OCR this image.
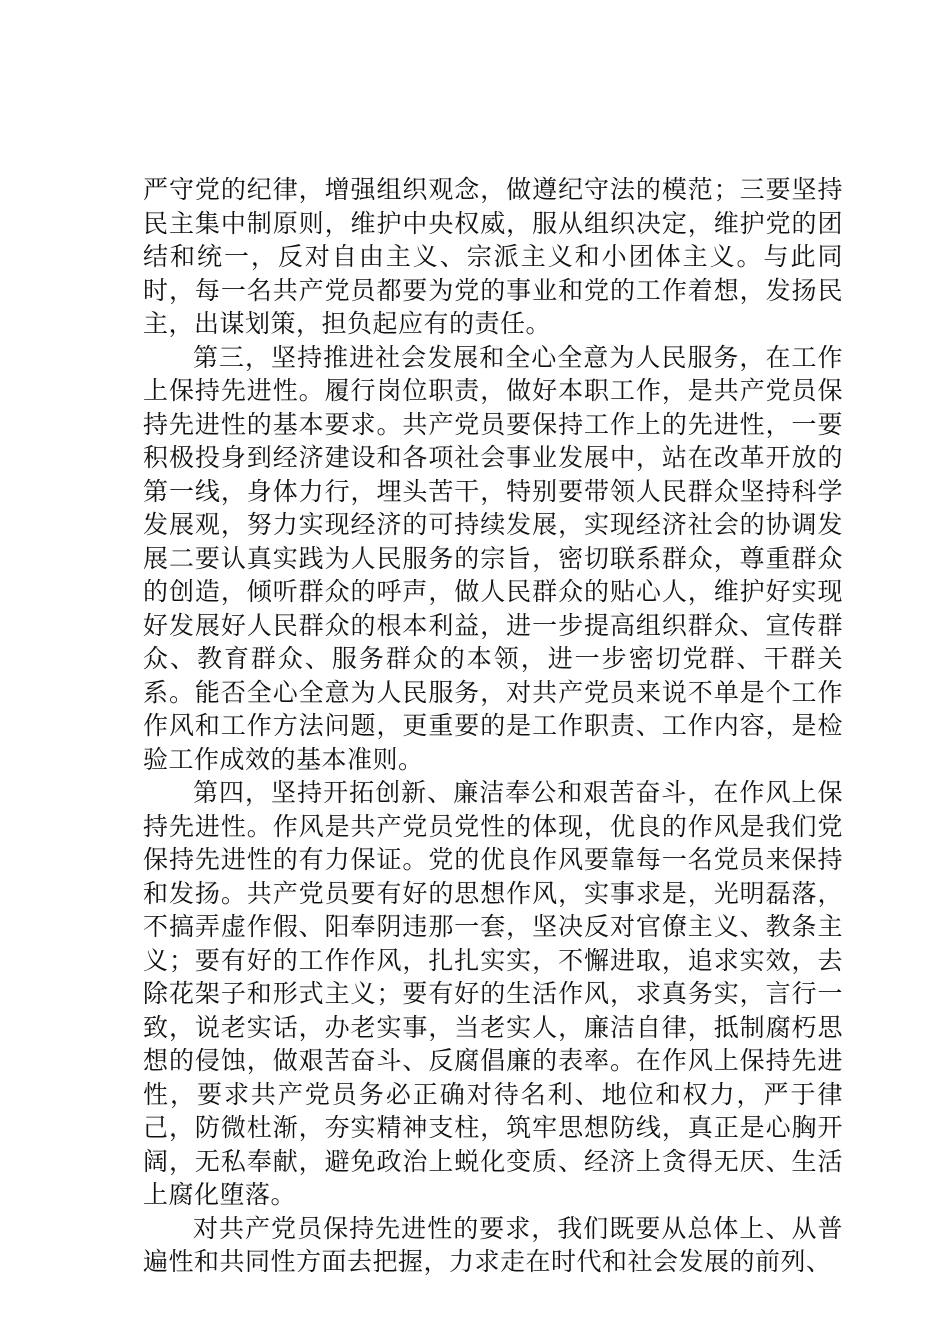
严守党的纪律，增强组织观念，做遵纪守法的模范；三要坚持民主集中制原则，维护中央权威，服从组织决定，维护党的团结和统一，反对自由主义、宗派主义和小团体主义。与此同时，每一名共产党员都要为党的事业和党的工作着想，发扬民主，出谋划策，担负起应有的责任。

第三，坚持推进社会发展和全心全意为人民服务，在工作上保持先进性。履行岗位职责，做好本职工作，是共产党员保持先进性的基本要求。共产党员要保持工作上的先进性，一要积极投身到经济建设和各项社会事业发展中，站在改革开放的第一线，身体力行，埋头苦干，特别要带领人民群众坚持科学发展观，努力实现经济的可持续发展，实现经济社会的协调发展二要认真实践为人民服务的宗旨，密切联系群众，尊重群众的创造，倾听群众的呼声，做人民群众的贴心人，维护好实现好发展好人民群众的根本利益，进一步提高组织群众、宣传群众、教育群众、服务群众的本领，进一步密切党群、干群关系。能否全心全意为人民服务，对共产党员来说不单是个工作作风和工作方法问题，更重要的是工作职责、工作内容，是检验工作成效的基本准则。

第四，坚持开拓创新、廉洁奉公和艰苦奋斗，在作风上保持先进性。作风是共产党员党性的体现，优良的作风是我们党保持先进性的有力保证。党的优良作风要靠每一名党员来保持和发扬。共产党员要有好的思想作风，实事求是，光明磊落，不搞弄虚作假、阳奉阴违那一套，坚决反对官僚主义、教条主义；要有好的工作作风，扎扎实实，不懈进取，追求实效，去除花架子和形式主义；要有好的生活作风，求真务实，言行一致，说老实话，办老实事，当老实人，廉洁自律，抵制腐朽思想的侵蚀，做艰苦奋斗、反腐倡廉的表率。在作风上保持先进性，要求共产党员务必正确对待名利、地位和权力，严于律己，防微杜渐，夯实精神支柱，筑牢思想防线，真正是心胸开阔，无私奉献，避免政治上蜕化变质、经济上贪得无厌、生活上腐化堕落。

对共产党员保持先进性的要求，我们既要从总体上、从普遍性和共同性方面去把握，力求走在时代和社会发展的前列、
